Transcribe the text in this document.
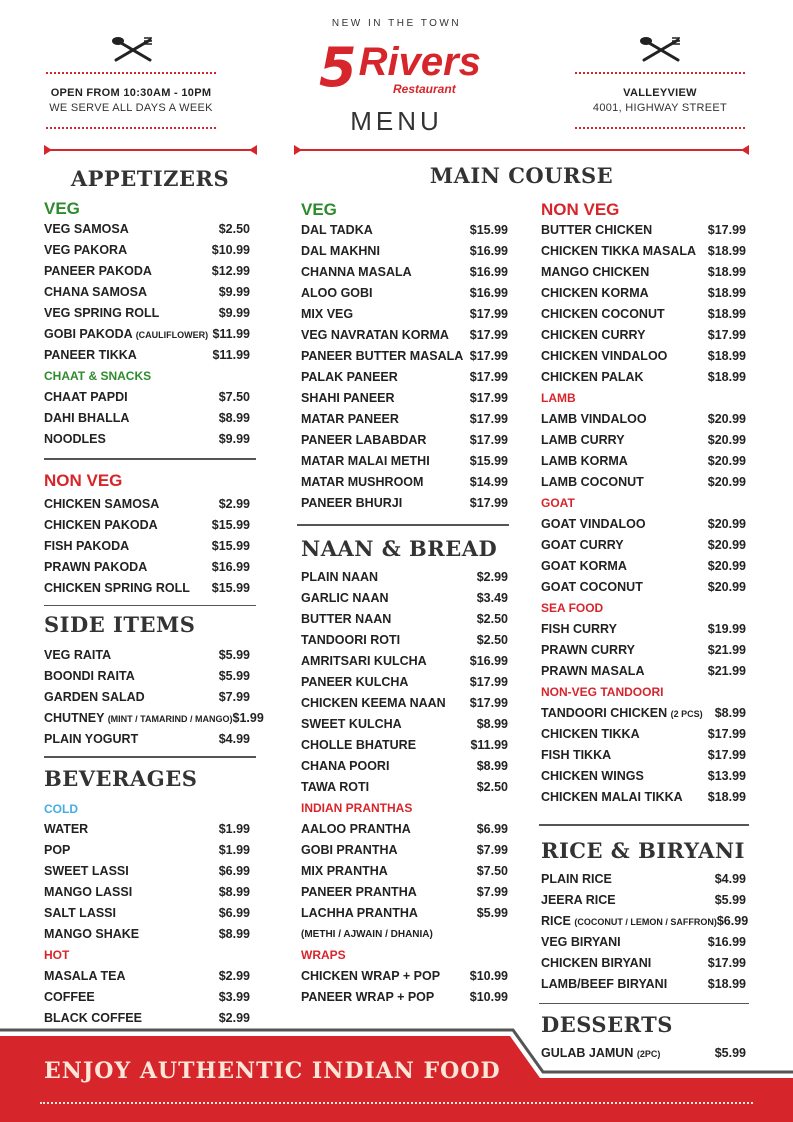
NEW IN THE TOWN
5Rivers
Restaurant
MENU
OPEN FROM 10:30AM - 10PM
WE SERVE ALL DAYS A WEEK
VALLEYVIEW
4001, HIGHWAY STREET
APPETIZERS
VEG
VEG SAMOSA	$2.50
VEG PAKORA	$10.99
PANEER PAKODA	$12.99
CHANA SAMOSA	$9.99
VEG SPRING ROLL	$9.99
GOBI PAKODA (CAULIFLOWER) $11.99
PANEER TIKKA	$11.99
CHAAT & SNACKS
CHAAT PAPDI	$7.50
DAHI BHALLA	$8.99
NOODLES	$9.99
NON VEG
CHICKEN SAMOSA	$2.99
CHICKEN PAKODA	$15.99
FISH PAKODA	$15.99
PRAWN PAKODA	$16.99
CHICKEN SPRING ROLL $15.99
SIDE ITEMS
VEG RAITA	$5.99
BOONDI RAITA	$5.99
GARDEN SALAD	$7.99
CHUTNEY (MINT / TAMARIND / MANGO) $1.99
PLAIN YOGURT	$4.99
BEVERAGES
COLD
WATER	$1.99
POP	$1.99
SWEET LASSI	$6.99
MANGO LASSI	$8.99
SALT LASSI	$6.99
MANGO SHAKE	$8.99
HOT
MASALA TEA	$2.99
COFFEE	$3.99
BLACK COFFEE	$2.99
MAIN COURSE
VEG
DAL TADKA	$15.99
DAL MAKHNI	$16.99
CHANNA MASALA	$16.99
ALOO GOBI	$16.99
MIX VEG	$17.99
VEG NAVRATAN KORMA $17.99
PANEER BUTTER MASALA $17.99
PALAK PANEER	$17.99
SHAHI PANEER	$17.99
MATAR PANEER	$17.99
PANEER LABABDAR	$17.99
MATAR MALAI METHI	$15.99
MATAR MUSHROOM	$14.99
PANEER BHURJI	$17.99
NAAN & BREAD
PLAIN NAAN	$2.99
GARLIC NAAN	$3.49
BUTTER NAAN	$2.50
TANDOORI ROTI	$2.50
AMRITSARI KULCHA	$16.99
PANEER KULCHA	$17.99
CHICKEN KEEMA NAAN $17.99
SWEET KULCHA	$8.99
CHOLLE BHATURE	$11.99
CHANA POORI	$8.99
TAWA ROTI	$2.50
INDIAN PRANTHAS
AALOO PRANTHA	$6.99
GOBI PRANTHA	$7.99
MIX PRANTHA	$7.50
PANEER PRANTHA	$7.99
LACHHA PRANTHA	$5.99
(METHI / AJWAIN / DHANIA)
WRAPS
CHICKEN WRAP + POP $10.99
PANEER WRAP + POP	$10.99
NON VEG
BUTTER CHICKEN	$17.99
CHICKEN TIKKA MASALA $18.99
MANGO CHICKEN	$18.99
CHICKEN KORMA	$18.99
CHICKEN COCONUT	$18.99
CHICKEN CURRY	$17.99
CHICKEN VINDALOO	$18.99
CHICKEN PALAK	$18.99
LAMB
LAMB VINDALOO	$20.99
LAMB CURRY	$20.99
LAMB KORMA	$20.99
LAMB COCONUT	$20.99
GOAT
GOAT VINDALOO	$20.99
GOAT CURRY	$20.99
GOAT KORMA	$20.99
GOAT COCONUT	$20.99
SEA FOOD
FISH CURRY	$19.99
PRAWN CURRY	$21.99
PRAWN MASALA	$21.99
NON-VEG TANDOORI
TANDOORI CHICKEN (2 PCS) $8.99
CHICKEN TIKKA	$17.99
FISH TIKKA	$17.99
CHICKEN WINGS	$13.99
CHICKEN MALAI TIKKA $18.99
RICE & BIRYANI
PLAIN RICE	$4.99
JEERA RICE	$5.99
RICE (COCONUT / LEMON / SAFFRON) $6.99
VEG BIRYANI	$16.99
CHICKEN BIRYANI	$17.99
LAMB/BEEF BIRYANI	$18.99
DESSERTS
GULAB JAMUN (2PC)	$5.99
ENJOY AUTHENTIC INDIAN FOOD
